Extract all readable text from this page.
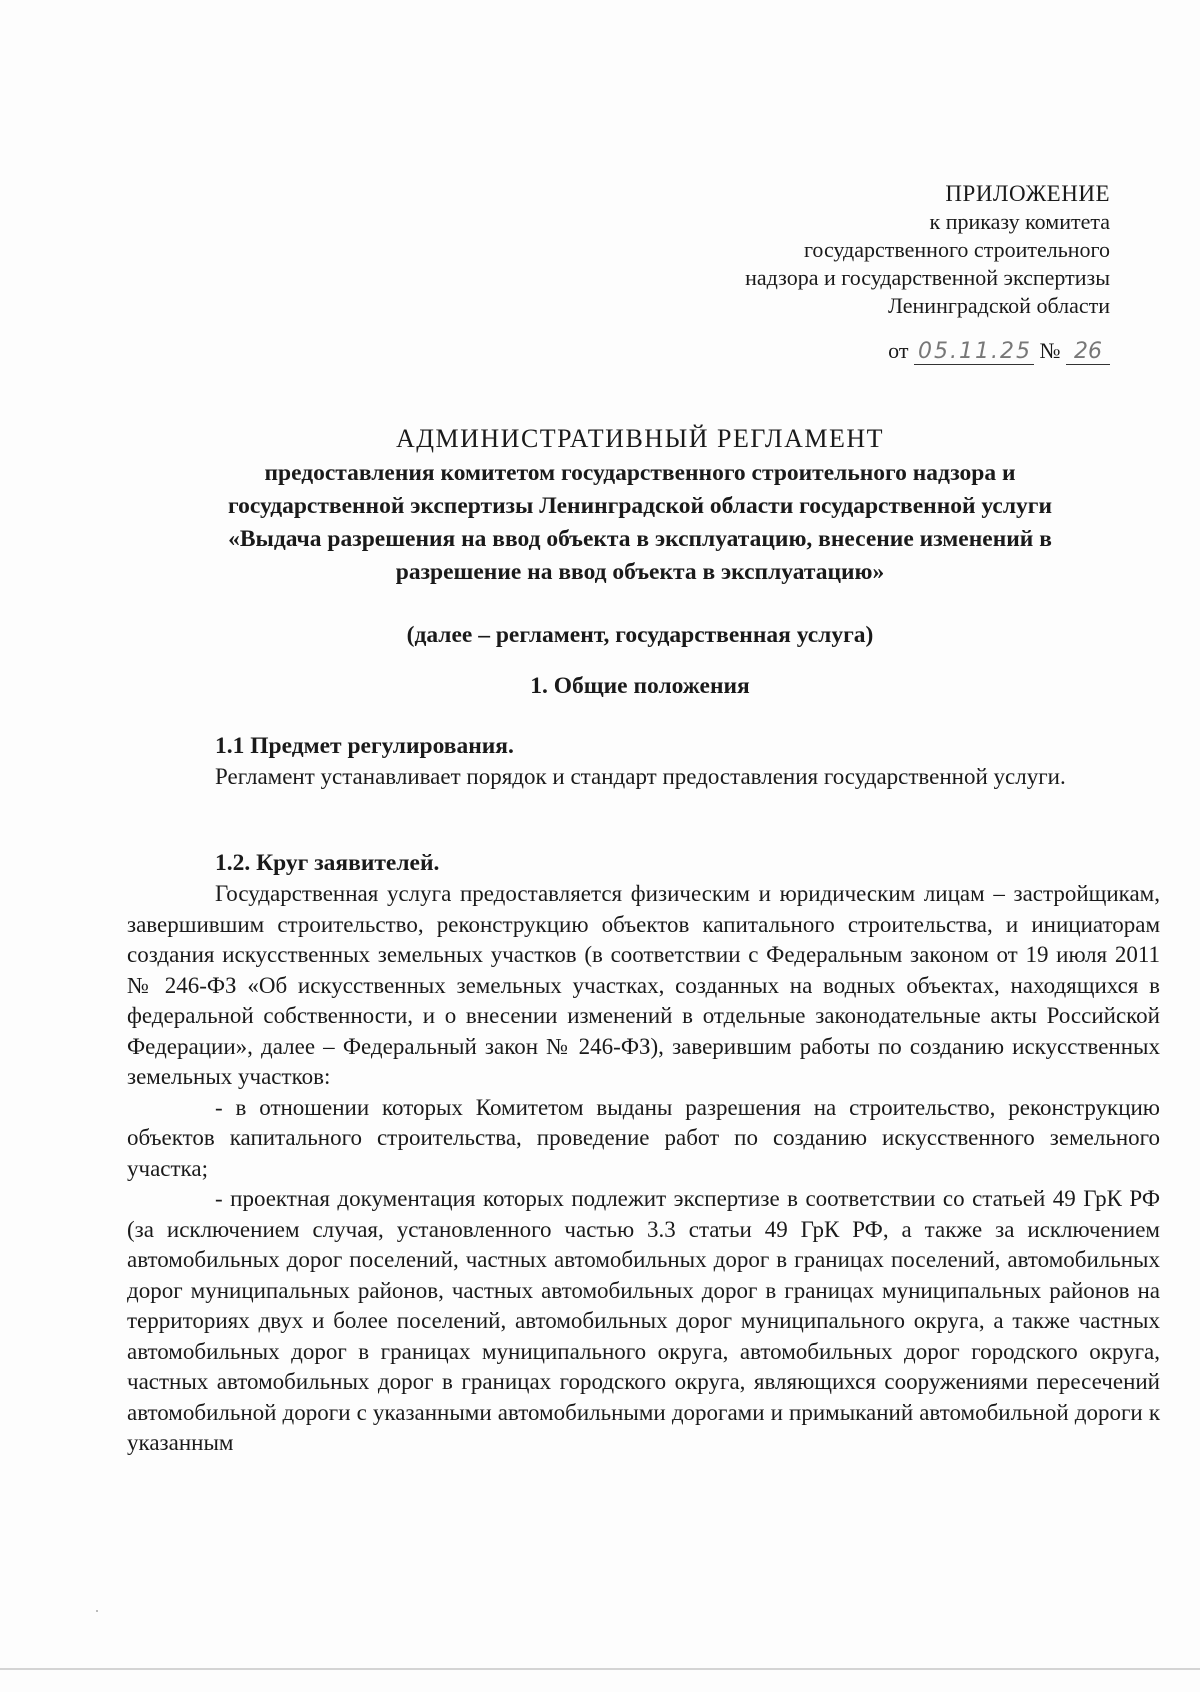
ПРИЛОЖЕНИЕ
к приказу комитета
государственного строительного
надзора и государственной экспертизы
Ленинградской области
от 05.11.25 № 26
АДМИНИСТРАТИВНЫЙ РЕГЛАМЕНТ
предоставления комитетом государственного строительного надзора и
государственной экспертизы Ленинградской области государственной услуги
«Выдача разрешения на ввод объекта в эксплуатацию, внесение изменений в
разрешение на ввод объекта в эксплуатацию»
(далее – регламент, государственная услуга)
1. Общие положения
1.1 Предмет регулирования.

Регламент устанавливает порядок и стандарт предоставления государственной услуги.

1.2. Круг заявителей.

Государственная услуга предоставляется физическим и юридическим лицам – застройщикам, завершившим строительство, реконструкцию объектов капитального строительства, и инициаторам создания искусственных земельных участков (в соответствии с Федеральным законом от 19 июля 2011 № 246-ФЗ «Об искусственных земельных участках, созданных на водных объектах, находящихся в федеральной собственности, и о внесении изменений в отдельные законодательные акты Российской Федерации», далее – Федеральный закон № 246-ФЗ), заверившим работы по созданию искусственных земельных участков:

- в отношении которых Комитетом выданы разрешения на строительство, реконструкцию объектов капитального строительства, проведение работ по созданию искусственного земельного участка;

- проектная документация которых подлежит экспертизе в соответствии со статьей 49 ГрК РФ (за исключением случая, установленного частью 3.3 статьи 49 ГрК РФ, а также за исключением автомобильных дорог поселений, частных автомобильных дорог в границах поселений, автомобильных дорог муниципальных районов, частных автомобильных дорог в границах муниципальных районов на территориях двух и более поселений, автомобильных дорог муниципального округа, а также частных автомобильных дорог в границах муниципального округа, автомобильных дорог городского округа, частных автомобильных дорог в границах городского округа, являющихся сооружениями пересечений автомобильной дороги с указанными автомобильными дорогами и примыканий автомобильной дороги к указанным
